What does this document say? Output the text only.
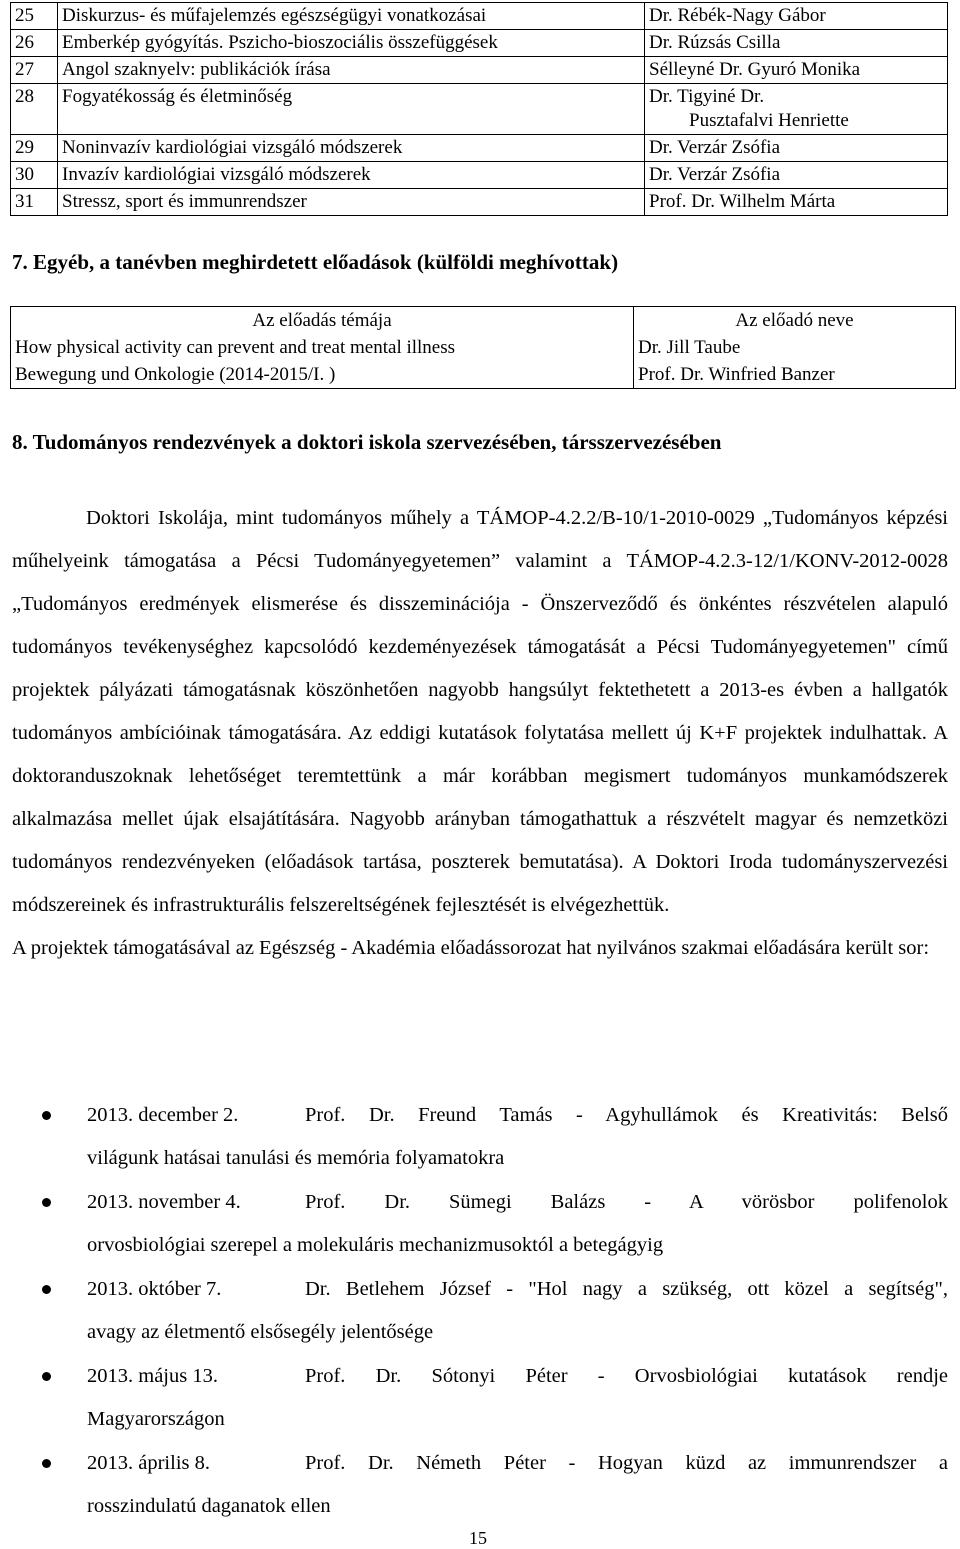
25	Diskurzus- és műfajelemzés egészségügyi vonatkozásai	Dr. Rébék-Nagy Gábor
26	Emberkép gyógyítás. Pszicho-bioszociális összefüggések	Dr. Rúzsás Csilla
27	Angol szaknyelv: publikációk írása	Sélleyné Dr. Gyuró Monika
28	Fogyatékosság és életminőség	Dr. Tigyiné Dr.
Pusztafalvi Henriette

29	Noninvazív kardiológiai vizsgáló módszerek	Dr. Verzár Zsófia
30	Invazív kardiológiai vizsgáló módszerek	Dr. Verzár Zsófia
31	Stressz, sport és immunrendszer	Prof. Dr. Wilhelm Márta
7. Egyéb, a tanévben meghirdetett előadások (külföldi meghívottak)
Az előadás témája	Az előadó neve
How physical activity can prevent and treat mental illness	Dr. Jill Taube
Bewegung und Onkologie (2014-2015/I. )	Prof. Dr. Winfried Banzer
8. Tudományos rendezvények a doktori iskola szervezésében, társszervezésében

Doktori Iskolája, mint tudományos műhely a TÁMOP-4.2.2/B-10/1-2010-0029 „Tudományos képzési műhelyeink támogatása a Pécsi Tudományegyetemen” valamint a TÁMOP-4.2.3-12/1/KONV-2012-0028 „Tudományos eredmények elismerése és disszeminációja - Önszerveződő és önkéntes részvételen alapuló tudományos tevékenységhez kapcsolódó kezdeményezések támogatását a Pécsi Tudományegyetemen" című projektek pályázati támogatásnak köszönhetően nagyobb hangsúlyt fektethetett a 2013-es évben a hallgatók tudományos ambícióinak támogatására. Az eddigi kutatások folytatása mellett új K+F projektek indulhattak. A doktoranduszoknak lehetőséget teremtettünk a már korábban megismert tudományos munkamódszerek alkalmazása mellet újak elsajátítására. Nagyobb arányban támogathattuk a részvételt magyar és nemzetközi tudományos rendezvényeken (előadások tartása, poszterek bemutatása). A Doktori Iroda tudományszervezési módszereinek és infrastrukturális felszereltségének fejlesztését is elvégezhettük.

A projektek támogatásával az Egészség - Akadémia előadássorozat hat nyilvános szakmai előadására került sor:

2013. december 2.	Prof. Dr. Freund Tamás - Agyhullámok és Kreativitás: Belső
világunk hatásai tanulási és memória folyamatokra
2013. november 4.	Prof. Dr. Sümegi Balázs - A vörösbor polifenolok
orvosbiológiai szerepel a molekuláris mechanizmusoktól a betegágyig
2013. október 7.	Dr. Betlehem József - "Hol nagy a szükség, ott közel a segítség",
avagy az életmentő elsősegély jelentősége
2013. május 13.	Prof. Dr. Sótonyi Péter - Orvosbiológiai kutatások rendje
Magyarországon
2013. április 8.	Prof. Dr. Németh Péter - Hogyan küzd az immunrendszer a
rosszindulatú daganatok ellen
15
